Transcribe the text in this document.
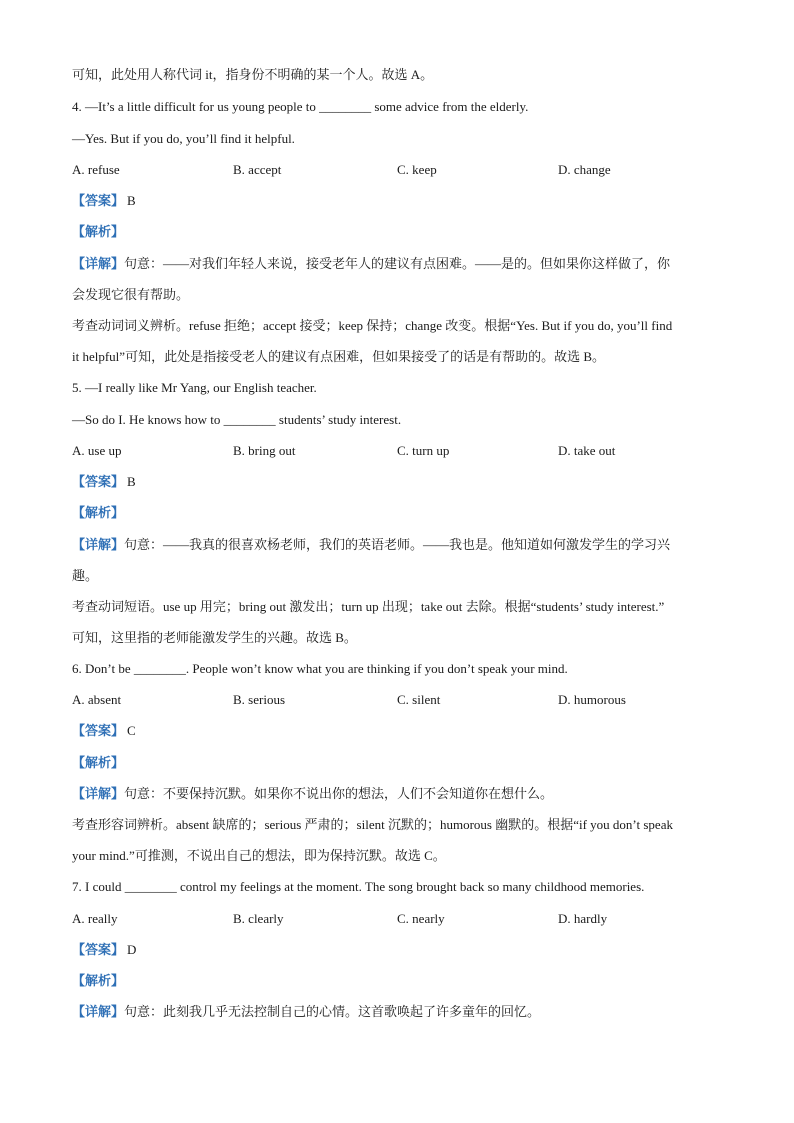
可知，此处用人称代词 it，指身份不明确的某一个人。故选 A。
4. —It’s a little difficult for us young people to ________ some advice from the elderly.
—Yes. But if you do, you’ll find it helpful.
A. refuse	B. accept	C. keep	D. change
【答案】 B
【解析】
【详解】句意：——对我们年轻人来说，接受老年人的建议有点困难。——是的。但如果你这样做了，你
会发现它很有帮助。
考查动词词义辨析。refuse 拒绝；accept 接受；keep 保持；change 改变。根据“Yes. But if you do, you’ll find
it helpful”可知，此处是指接受老人的建议有点困难，但如果接受了的话是有帮助的。故选 B。
5. —I really like Mr Yang, our English teacher.
—So do I. He knows how to ________ students’ study interest.
A. use up	B. bring out	C. turn up	D. take out
【答案】 B
【解析】
【详解】句意：——我真的很喜欢杨老师，我们的英语老师。——我也是。他知道如何激发学生的学习兴
趣。
考查动词短语。use up 用完；bring out 激发出；turn up 出现；take out 去除。根据“students’ study interest.”
可知，这里指的老师能激发学生的兴趣。故选 B。
6. Don’t be ________. People won’t know what you are thinking if you don’t speak your mind.
A. absent	B. serious	C. silent	D. humorous
【答案】 C
【解析】
【详解】句意：不要保持沉默。如果你不说出你的想法，人们不会知道你在想什么。
考查形容词辨析。absent 缺席的；serious 严肃的；silent 沉默的；humorous 幽默的。根据“if you don’t speak
your mind.”可推测，不说出自己的想法，即为保持沉默。故选 C。
7. I could ________ control my feelings at the moment. The song brought back so many childhood memories.
A. really	B. clearly	C. nearly	D. hardly
【答案】 D
【解析】
【详解】句意：此刻我几乎无法控制自己的心情。这首歌唤起了许多童年的回忆。
